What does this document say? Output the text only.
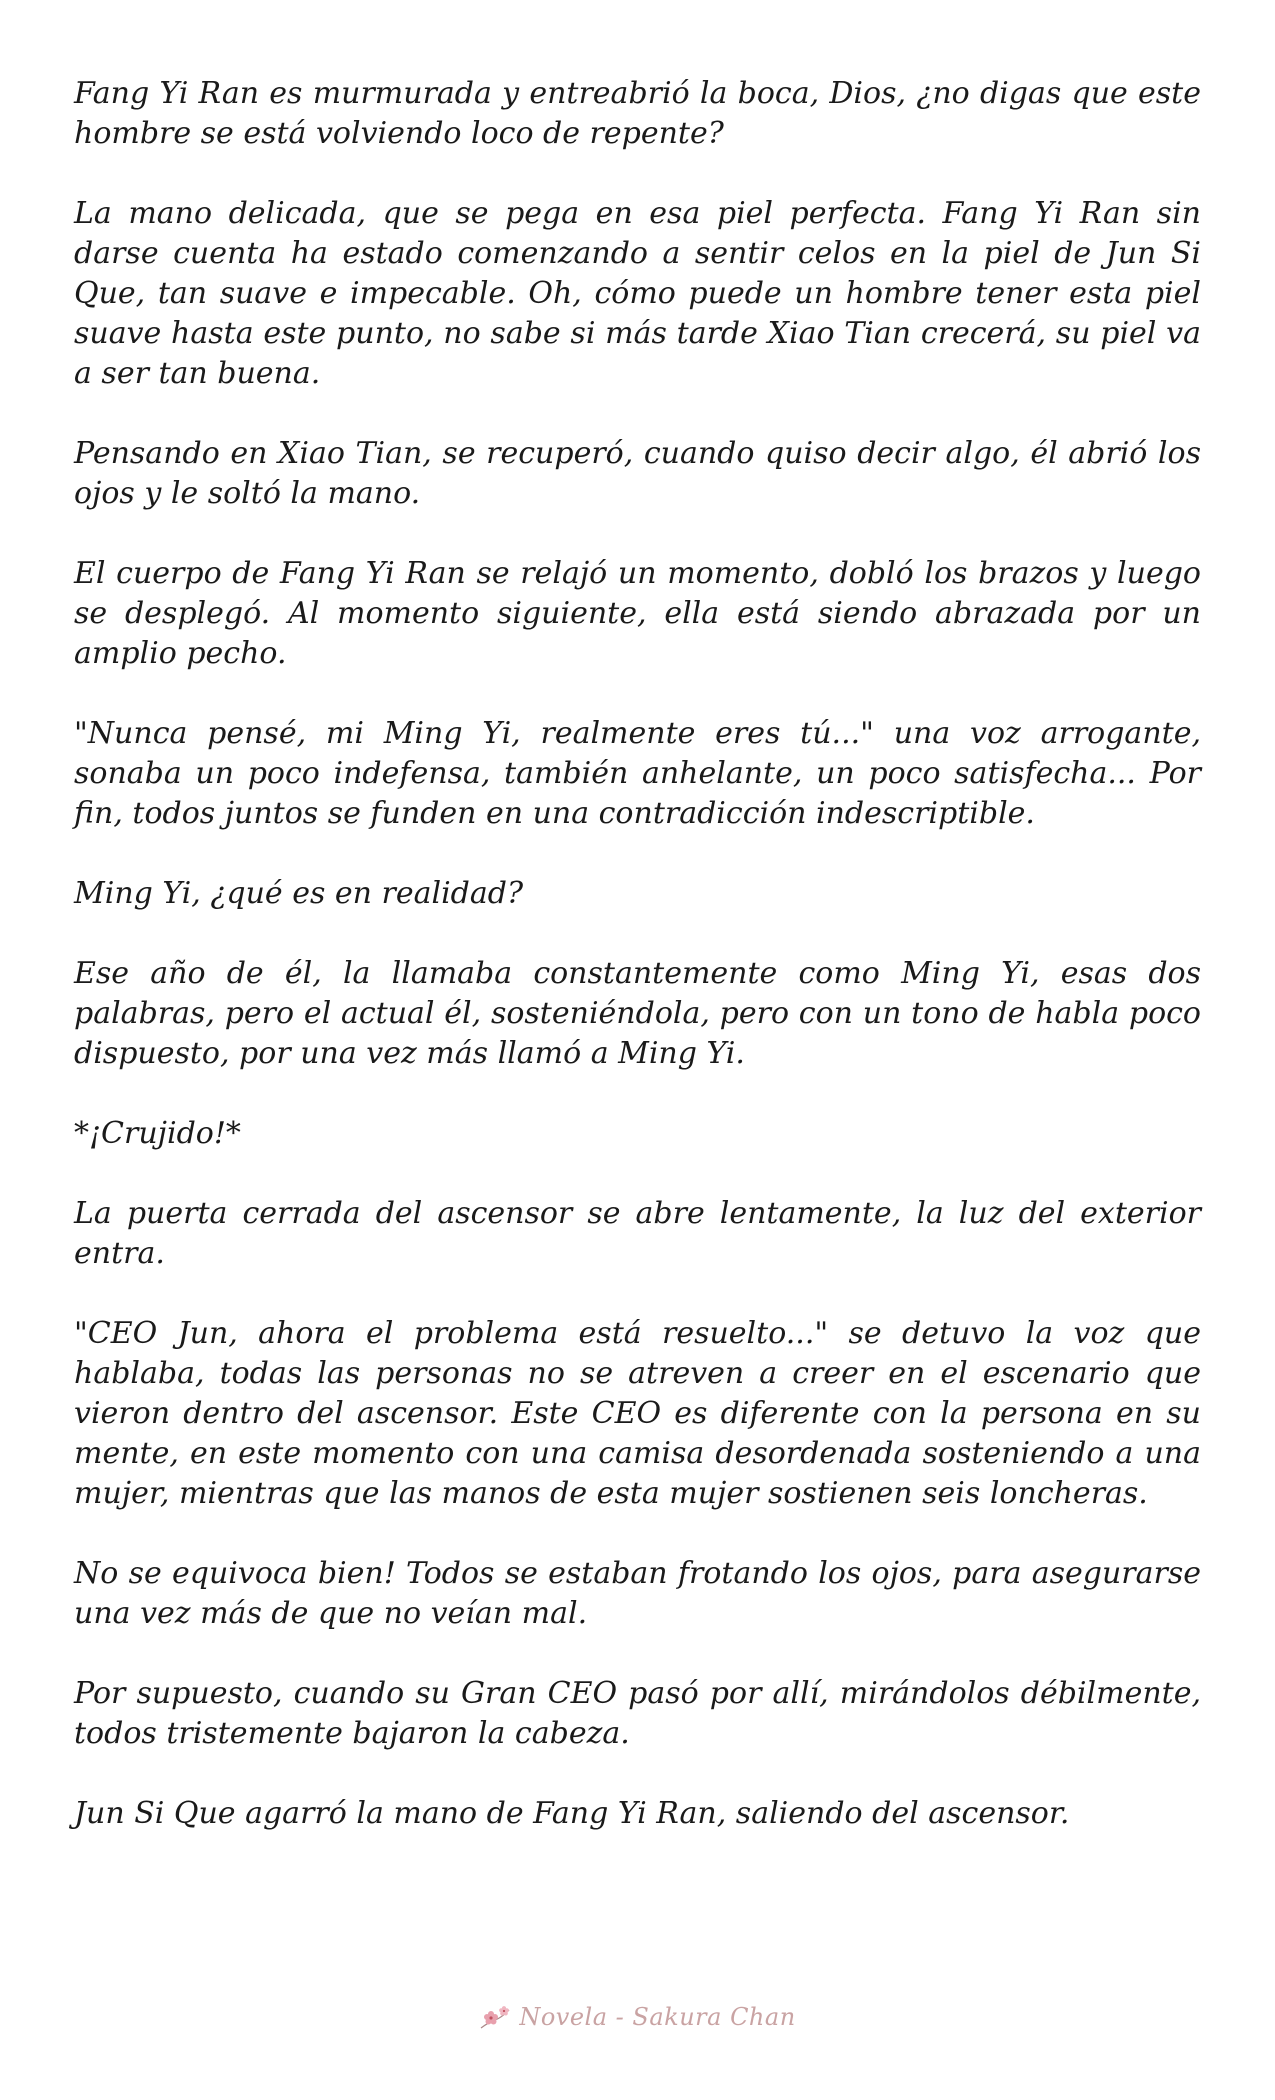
Fang Yi Ran es murmurada y entreabrió la boca, Dios, ¿no digas que este hombre se está volviendo loco de repente?

La mano delicada, que se pega en esa piel perfecta. Fang Yi Ran sin darse cuenta ha estado comenzando a sentir celos en la piel de Jun Si Que, tan suave e impecable. Oh, cómo puede un hombre tener esta piel suave hasta este punto, no sabe si más tarde Xiao Tian crecerá, su piel va a ser tan buena.

Pensando en Xiao Tian, se recuperó, cuando quiso decir algo, él abrió los ojos y le soltó la mano.

El cuerpo de Fang Yi Ran se relajó un momento, dobló los brazos y luego se desplegó. Al momento siguiente, ella está siendo abrazada por un amplio pecho.

"Nunca pensé, mi Ming Yi, realmente eres tú..." una voz arrogante, sonaba un poco indefensa, también anhelante, un poco satisfecha... Por fin, todos juntos se funden en una contradicción indescriptible.

Ming Yi, ¿qué es en realidad?

Ese año de él, la llamaba constantemente como Ming Yi, esas dos palabras, pero el actual él, sosteniéndola, pero con un tono de habla poco dispuesto, por una vez más llamó a Ming Yi.

*¡Crujido!*

La puerta cerrada del ascensor se abre lentamente, la luz del exterior entra.

"CEO Jun, ahora el problema está resuelto..." se detuvo la voz que hablaba, todas las personas no se atreven a creer en el escenario que vieron dentro del ascensor. Este CEO es diferente con la persona en su mente, en este momento con una camisa desordenada sosteniendo a una mujer, mientras que las manos de esta mujer sostienen seis loncheras.

No se equivoca bien! Todos se estaban frotando los ojos, para asegurarse una vez más de que no veían mal.

Por supuesto, cuando su Gran CEO pasó por allí, mirándolos débilmente, todos tristemente bajaron la cabeza.

Jun Si Que agarró la mano de Fang Yi Ran, saliendo del ascensor.

Novela - Sakura Chan
